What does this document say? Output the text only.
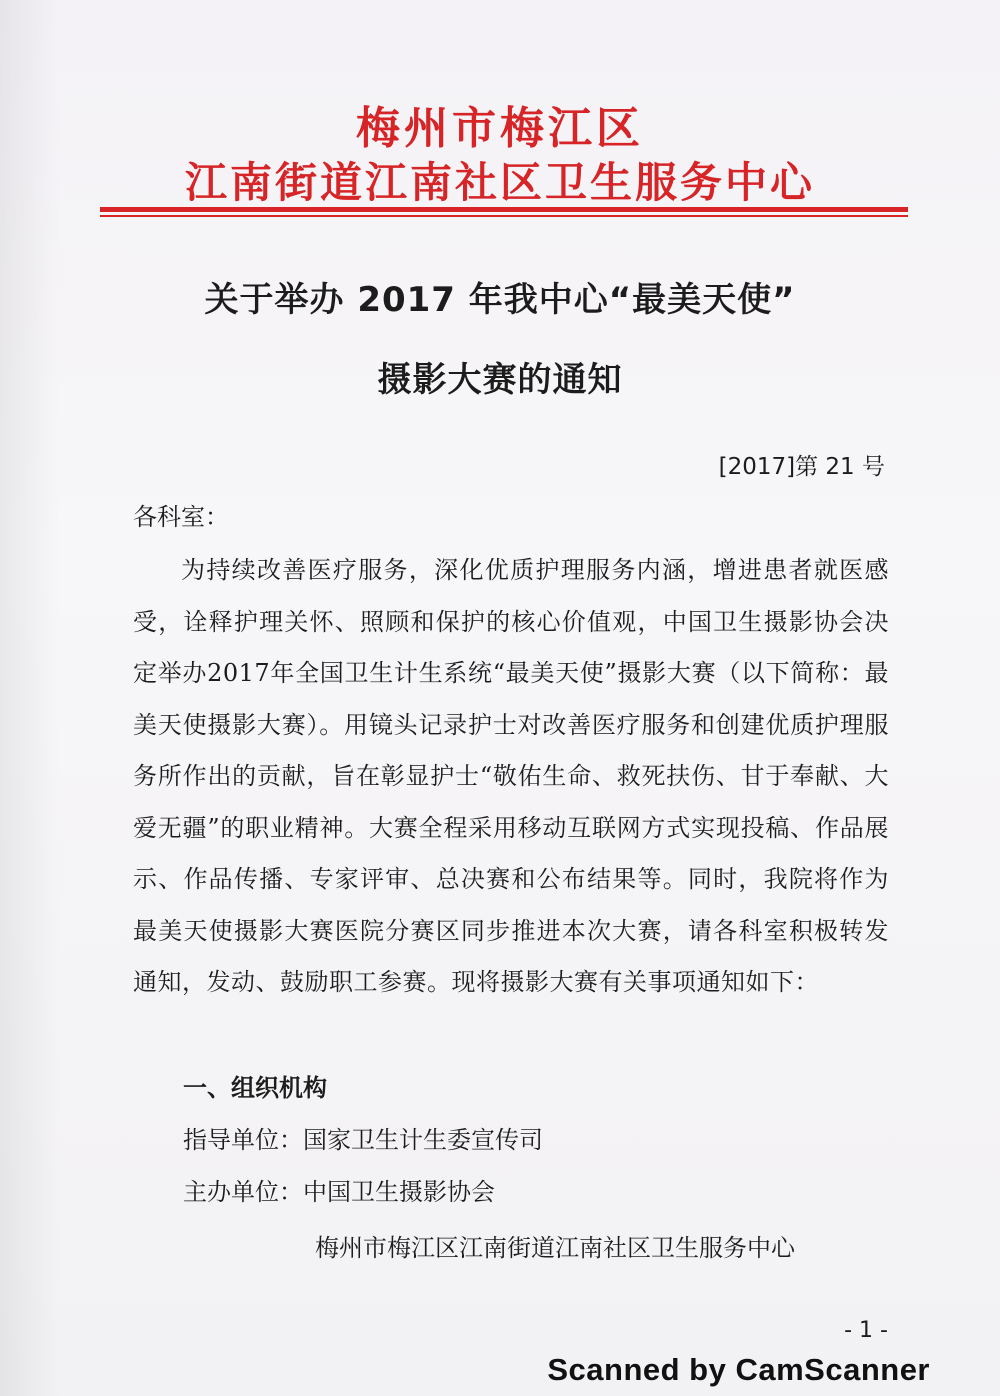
梅州市梅江区
江南街道江南社区卫生服务中心
关于举办 2017 年我中心“最美天使”
摄影大赛的通知
[2017]第 21 号
各科室：

为持续改善医疗服务，深化优质护理服务内涵，增进患者就医感受，诠释护理关怀、照顾和保护的核心价值观，中国卫生摄影协会决定举办2017年全国卫生计生系统“最美天使”摄影大赛（以下简称：最美天使摄影大赛）。用镜头记录护士对改善医疗服务和创建优质护理服务所作出的贡献，旨在彰显护士“敬佑生命、救死扶伤、甘于奉献、大爱无疆”的职业精神。大赛全程采用移动互联网方式实现投稿、作品展示、作品传播、专家评审、总决赛和公布结果等。同时，我院将作为最美天使摄影大赛医院分赛区同步推进本次大赛，请各科室积极转发通知，发动、鼓励职工参赛。现将摄影大赛有关事项通知如下：

一、组织机构
指导单位：国家卫生计生委宣传司
主办单位：中国卫生摄影协会
梅州市梅江区江南街道江南社区卫生服务中心
- 1 -
Scanned by CamScanner
